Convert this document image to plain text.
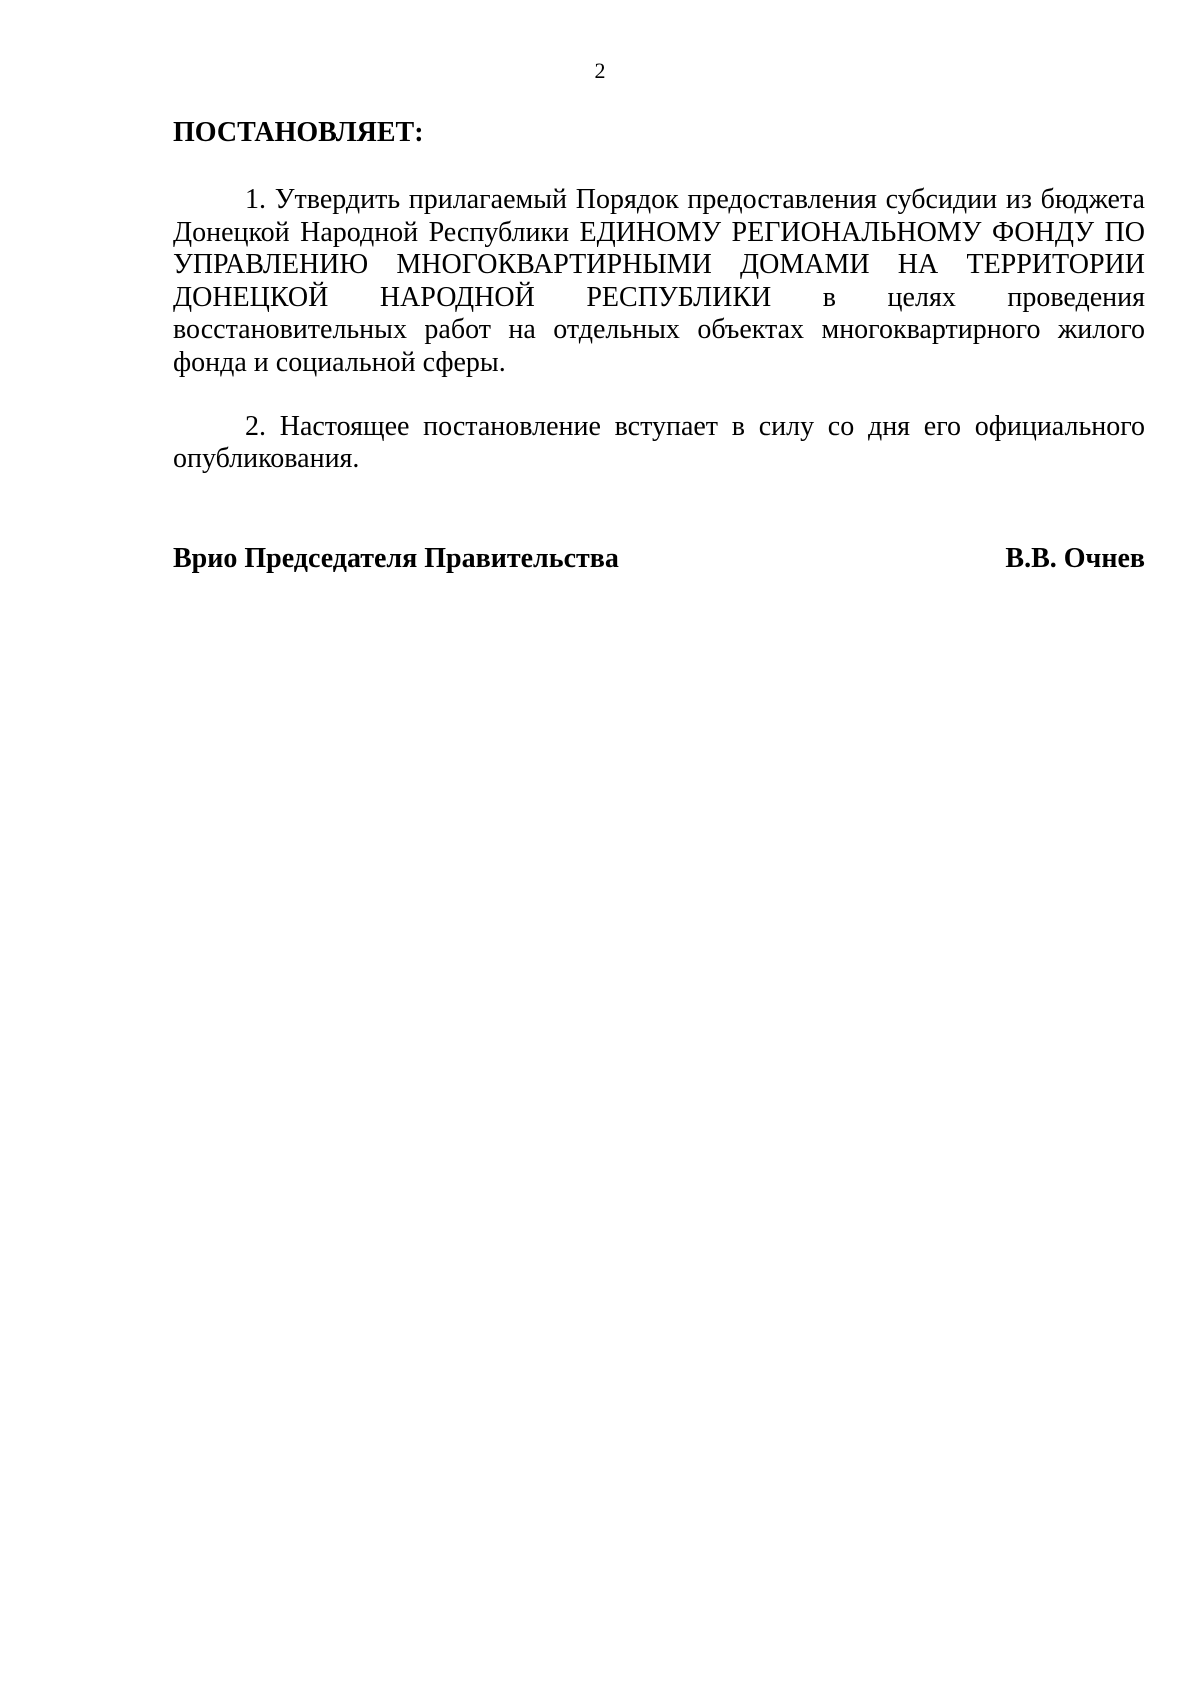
2
ПОСТАНОВЛЯЕТ:

1. Утвердить прилагаемый Порядок предоставления субсидии из бюджета Донецкой Народной Республики ЕДИНОМУ РЕГИОНАЛЬНОМУ ФОНДУ ПО УПРАВЛЕНИЮ МНОГОКВАРТИРНЫМИ ДОМАМИ НА ТЕРРИТОРИИ ДОНЕЦКОЙ НАРОДНОЙ РЕСПУБЛИКИ в целях проведения восстановительных работ на отдельных объектах многоквартирного жилого фонда и социальной сферы.

2. Настоящее постановление вступает в силу со дня его официального опубликования.

Врио Председателя Правительства	В.В. Очнев
